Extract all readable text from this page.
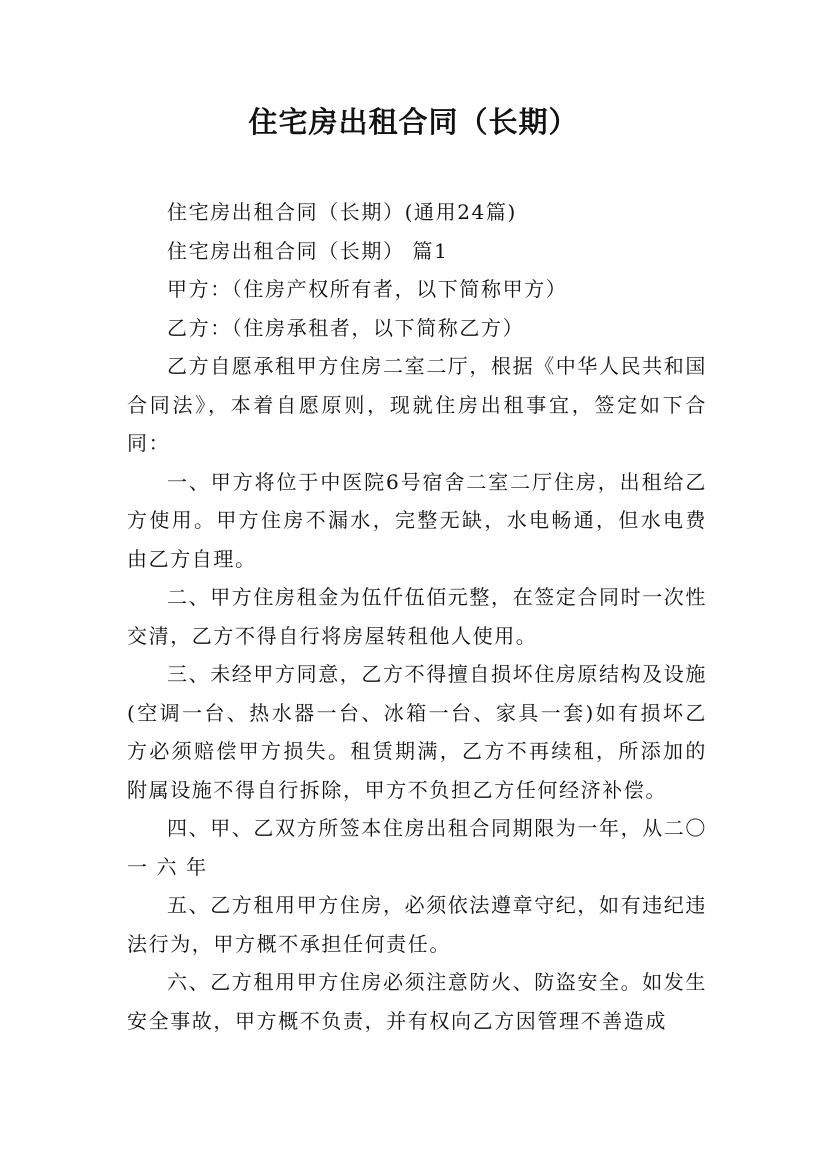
住宅房出租合同（长期）

住宅房出租合同（长期）(通用24篇)

住宅房出租合同（长期） 篇1

甲方：（住房产权所有者，以下简称甲方）

乙方：（住房承租者，以下简称乙方）

乙方自愿承租甲方住房二室二厅，根据《中华人民共和国合同法》，本着自愿原则，现就住房出租事宜，签定如下合同：

一、甲方将位于中医院6号宿舍二室二厅住房，出租给乙方使用。甲方住房不漏水，完整无缺，水电畅通，但水电费由乙方自理。

二、甲方住房租金为伍仟伍佰元整，在签定合同时一次性交清，乙方不得自行将房屋转租他人使用。

三、未经甲方同意，乙方不得擅自损坏住房原结构及设施(空调一台、热水器一台、冰箱一台、家具一套)如有损坏乙方必须赔偿甲方损失。租赁期满，乙方不再续租，所添加的附属设施不得自行拆除，甲方不负担乙方任何经济补偿。

四、甲、乙双方所签本住房出租合同期限为一年，从二〇一 六 年

五、乙方租用甲方住房，必须依法遵章守纪，如有违纪违法行为，甲方概不承担任何责任。

六、乙方租用甲方住房必须注意防火、防盗安全。如发生安全事故，甲方概不负责，并有权向乙方因管理不善造成
